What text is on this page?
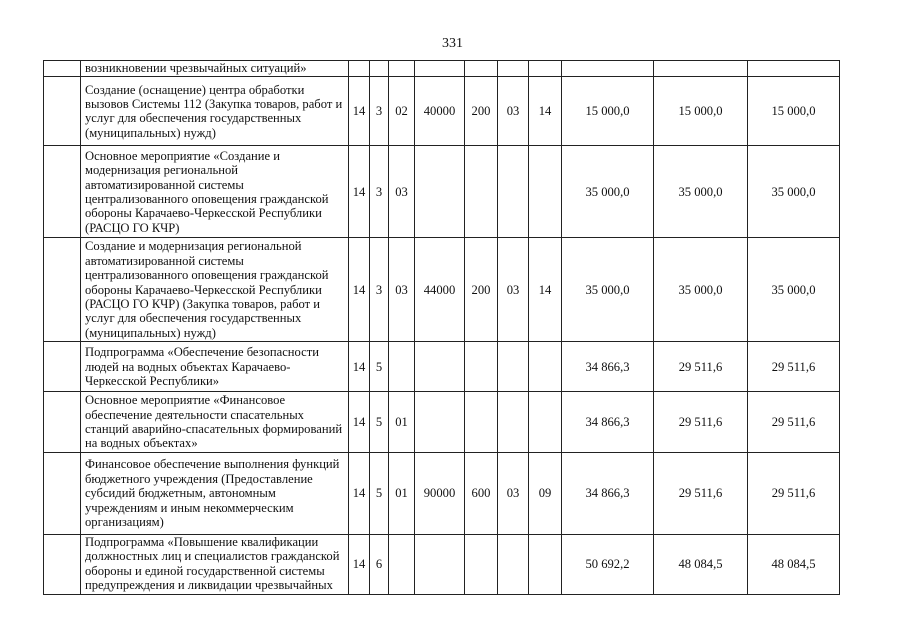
331
	возникновении чрезвычайных ситуаций»										
	Создание (оснащение) центра обработки вызовов Системы 112 (Закупка товаров, работ и услуг для обеспечения государственных (муниципальных) нужд)	14	3	02	40000	200	03	14	15 000,0	15 000,0	15 000,0
	Основное мероприятие «Создание и модернизация региональной автоматизированной системы централизованного оповещения гражданской обороны Карачаево-Черкесской Республики (РАСЦО ГО КЧР)	14	3	03					35 000,0	35 000,0	35 000,0
	Создание и модернизация региональной автоматизированной системы централизованного оповещения гражданской обороны Карачаево-Черкесской Республики (РАСЦО ГО КЧР) (Закупка товаров, работ и услуг для обеспечения государственных (муниципальных) нужд)	14	3	03	44000	200	03	14	35 000,0	35 000,0	35 000,0
	Подпрограмма «Обеспечение безопасности людей на водных объектах Карачаево-Черкесской Республики»	14	5						34 866,3	29 511,6	29 511,6
	Основное мероприятие «Финансовое обеспечение деятельности спасательных станций аварийно-спасательных формирований на водных объектах»	14	5	01					34 866,3	29 511,6	29 511,6
	Финансовое обеспечение выполнения функций бюджетного учреждения (Предоставление субсидий бюджетным, автономным учреждениям и иным некоммерческим организациям)	14	5	01	90000	600	03	09	34 866,3	29 511,6	29 511,6
	Подпрограмма «Повышение квалификации должностных лиц и специалистов гражданской обороны и единой государственной системы предупреждения и ликвидации чрезвычайных	14	6						50 692,2	48 084,5	48 084,5
